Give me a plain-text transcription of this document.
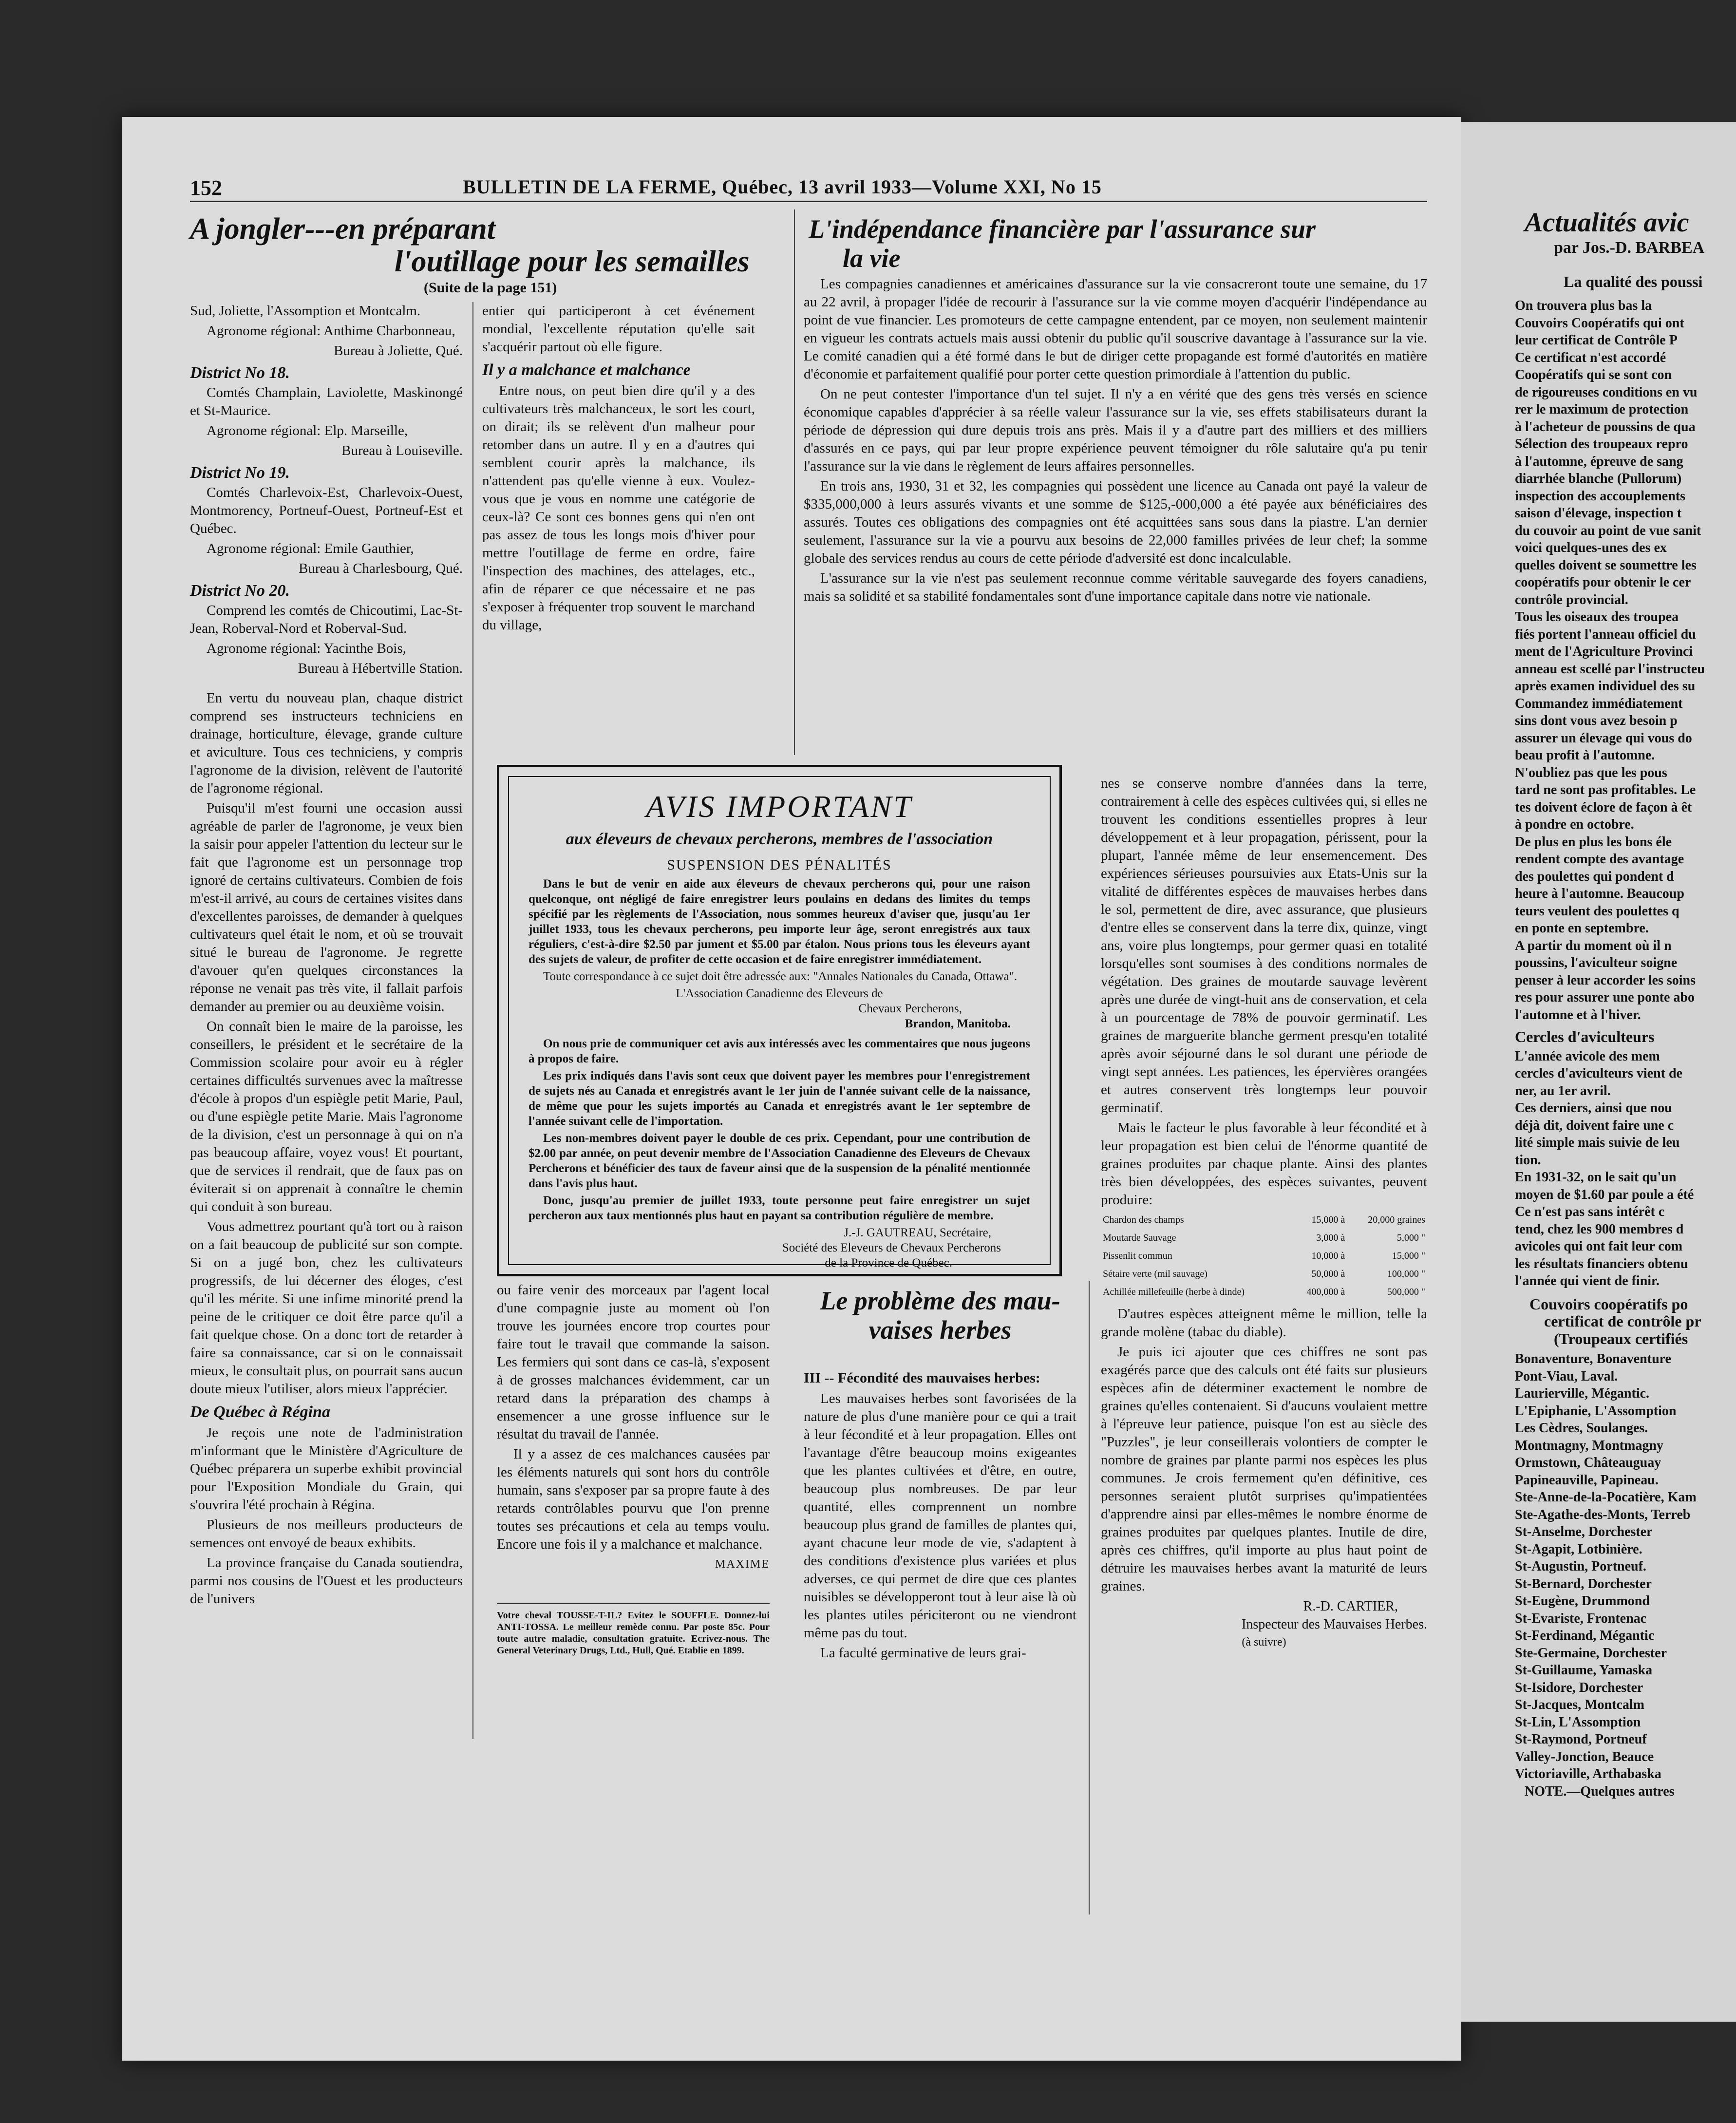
152	BULLETIN DE LA FERME, Québec, 13 avril 1933—Volume XXI, No 15
A jongler---en préparant
l'outillage pour les semailles
(Suite de la page 151)

Sud, Joliette, l'Assomption et Montcalm.

Agronome régional: Anthime Charbonneau,

Bureau à Joliette, Qué.

District No 18.

Comtés Champlain, Laviolette, Maskinongé et St-Maurice.

Agronome régional: Elp. Marseille,

Bureau à Louiseville.

District No 19.

Comtés Charlevoix-Est, Charlevoix-Ouest, Montmorency, Portneuf-Ouest, Portneuf-Est et Québec.

Agronome régional: Emile Gauthier,

Bureau à Charlesbourg, Qué.

District No 20.

Comprend les comtés de Chicoutimi, Lac-St-Jean, Roberval-Nord et Roberval-Sud.

Agronome régional: Yacinthe Bois,

Bureau à Hébertville Station.

En vertu du nouveau plan, chaque district comprend ses instructeurs techniciens en drainage, horticulture, élevage, grande culture et aviculture. Tous ces techniciens, y compris l'agronome de la division, relèvent de l'autorité de l'agronome régional.

Puisqu'il m'est fourni une occasion aussi agréable de parler de l'agronome, je veux bien la saisir pour appeler l'attention du lecteur sur le fait que l'agronome est un personnage trop ignoré de certains cultivateurs. Combien de fois m'est-il arrivé, au cours de certaines visites dans d'excellentes paroisses, de demander à quelques cultivateurs quel était le nom, et où se trouvait situé le bureau de l'agronome. Je regrette d'avouer qu'en quelques circonstances la réponse ne venait pas très vite, il fallait parfois demander au premier ou au deuxième voisin.

On connaît bien le maire de la paroisse, les conseillers, le président et le secrétaire de la Commission scolaire pour avoir eu à régler certaines difficultés survenues avec la maîtresse d'école à propos d'un espiègle petit Marie, Paul, ou d'une espiègle petite Marie. Mais l'agronome de la division, c'est un personnage à qui on n'a pas beaucoup affaire, voyez vous! Et pourtant, que de services il rendrait, que de faux pas on éviterait si on apprenait à connaître le chemin qui conduit à son bureau.

Vous admettrez pourtant qu'à tort ou à raison on a fait beaucoup de publicité sur son compte. Si on a jugé bon, chez les cultivateurs progressifs, de lui décerner des éloges, c'est qu'il les mérite. Si une infime minorité prend la peine de le critiquer ce doit être parce qu'il a fait quelque chose. On a donc tort de retarder à faire sa connaissance, car si on le connaissait mieux, le consultait plus, on pourrait sans aucun doute mieux l'utiliser, alors mieux l'apprécier.

De Québec à Régina

Je reçois une note de l'administration m'informant que le Ministère d'Agriculture de Québec préparera un superbe exhibit provincial pour l'Exposition Mondiale du Grain, qui s'ouvrira l'été prochain à Régina.

Plusieurs de nos meilleurs producteurs de semences ont envoyé de beaux exhibits.

La province française du Canada soutiendra, parmi nos cousins de l'Ouest et les producteurs de l'univers

entier qui participeront à cet événement mondial, l'excellente réputation qu'elle sait s'acquérir partout où elle figure.

Il y a malchance et malchance

Entre nous, on peut bien dire qu'il y a des cultivateurs très malchanceux, le sort les court, on dirait; ils se relèvent d'un malheur pour retomber dans un autre. Il y en a d'autres qui semblent courir après la malchance, ils n'attendent pas qu'elle vienne à eux. Voulez-vous que je vous en nomme une catégorie de ceux-là? Ce sont ces bonnes gens qui n'en ont pas assez de tous les longs mois d'hiver pour mettre l'outillage de ferme en ordre, faire l'inspection des machines, des attelages, etc., afin de réparer ce que nécessaire et ne pas s'exposer à fréquenter trop souvent le marchand du village,

ou faire venir des morceaux par l'agent local d'une compagnie juste au moment où l'on trouve les journées encore trop courtes pour faire tout le travail que commande la saison. Les fermiers qui sont dans ce cas-là, s'exposent à de grosses malchances évidemment, car un retard dans la préparation des champs à ensemencer a une grosse influence sur le résultat du travail de l'année.

Il y a assez de ces malchances causées par les éléments naturels qui sont hors du contrôle humain, sans s'exposer par sa propre faute à des retards contrôlables pourvu que l'on prenne toutes ses précautions et cela au temps voulu. Encore une fois il y a malchance et malchance.

MAXIME
Votre cheval TOUSSE-T-IL? Evitez le SOUFFLE. Donnez-lui ANTI-TOSSA. Le meilleur remède connu. Par poste 85c. Pour toute autre maladie, consultation gratuite. Ecrivez-nous. The General Veterinary Drugs, Ltd., Hull, Qué. Etablie en 1899.
L'indépendance financière par l'assurance sur
la vie

Les compagnies canadiennes et américaines d'assurance sur la vie consacreront toute une semaine, du 17 au 22 avril, à propager l'idée de recourir à l'assurance sur la vie comme moyen d'acquérir l'indépendance au point de vue financier. Les promoteurs de cette campagne entendent, par ce moyen, non seulement maintenir en vigueur les contrats actuels mais aussi obtenir du public qu'il souscrive davantage à l'assurance sur la vie. Le comité canadien qui a été formé dans le but de diriger cette propagande est formé d'autorités en matière d'économie et parfaitement qualifié pour porter cette question primordiale à l'attention du public.

On ne peut contester l'importance d'un tel sujet. Il n'y a en vérité que des gens très versés en science économique capables d'apprécier à sa réelle valeur l'assurance sur la vie, ses effets stabilisateurs durant la période de dépression qui dure depuis trois ans près. Mais il y a d'autre part des milliers et des milliers d'assurés en ce pays, qui par leur propre expérience peuvent témoigner du rôle salutaire qu'a pu tenir l'assurance sur la vie dans le règlement de leurs affaires personnelles.

En trois ans, 1930, 31 et 32, les compagnies qui possèdent une licence au Canada ont payé la valeur de $335,000,000 à leurs assurés vivants et une somme de $125,-000,000 a été payée aux bénéficiaires des assurés. Toutes ces obligations des compagnies ont été acquittées sans sous dans la piastre. L'an dernier seulement, l'assurance sur la vie a pourvu aux besoins de 22,000 familles privées de leur chef; la somme globale des services rendus au cours de cette période d'adversité est donc incalculable.

L'assurance sur la vie n'est pas seulement reconnue comme véritable sauvegarde des foyers canadiens, mais sa solidité et sa stabilité fondamentales sont d'une importance capitale dans notre vie nationale.

AVIS IMPORTANT
aux éleveurs de chevaux percherons, membres de l'association
SUSPENSION DES PÉNALITÉS

Dans le but de venir en aide aux éleveurs de chevaux percherons qui, pour une raison quelconque, ont négligé de faire enregistrer leurs poulains en dedans des limites du temps spécifié par les règlements de l'Association, nous sommes heureux d'aviser que, jusqu'au 1er juillet 1933, tous les chevaux percherons, peu importe leur âge, seront enregistrés aux taux réguliers, c'est-à-dire $2.50 par jument et $5.00 par étalon. Nous prions tous les éleveurs ayant des sujets de valeur, de profiter de cette occasion et de faire enregistrer immédiatement.

Toute correspondance à ce sujet doit être adressée aux: "Annales Nationales du Canada, Ottawa".

L'Association Canadienne des Eleveurs de
Chevaux Percherons,
Brandon, Manitoba.

On nous prie de communiquer cet avis aux intéressés avec les commentaires que nous jugeons à propos de faire.

Les prix indiqués dans l'avis sont ceux que doivent payer les membres pour l'enregistrement de sujets nés au Canada et enregistrés avant le 1er juin de l'année suivant celle de la naissance, de même que pour les sujets importés au Canada et enregistrés avant le 1er septembre de l'année suivant celle de l'importation.

Les non-membres doivent payer le double de ces prix. Cependant, pour une contribution de $2.00 par année, on peut devenir membre de l'Association Canadienne des Eleveurs de Chevaux Percherons et bénéficier des taux de faveur ainsi que de la suspension de la pénalité mentionnée dans l'avis plus haut.

Donc, jusqu'au premier de juillet 1933, toute personne peut faire enregistrer un sujet percheron aux taux mentionnés plus haut en payant sa contribution régulière de membre.

J.-J. GAUTREAU, Secrétaire,
Société des Eleveurs de Chevaux Percherons
de la Province de Québec.
Le problème des mau-
vaises herbes
III -- Fécondité des mauvaises herbes:

Les mauvaises herbes sont favorisées de la nature de plus d'une manière pour ce qui a trait à leur fécondité et à leur propagation. Elles ont l'avantage d'être beaucoup moins exigeantes que les plantes cultivées et d'être, en outre, beaucoup plus nombreuses. De par leur quantité, elles comprennent un nombre beaucoup plus grand de familles de plantes qui, ayant chacune leur mode de vie, s'adaptent à des conditions d'existence plus variées et plus adverses, ce qui permet de dire que ces plantes nuisibles se développeront tout à leur aise là où les plantes utiles périciteront ou ne viendront même pas du tout.

La faculté germinative de leurs grai-

nes se conserve nombre d'années dans la terre, contrairement à celle des espèces cultivées qui, si elles ne trouvent les conditions essentielles propres à leur développement et à leur propagation, périssent, pour la plupart, l'année même de leur ensemencement. Des expériences sérieuses poursuivies aux Etats-Unis sur la vitalité de différentes espèces de mauvaises herbes dans le sol, permettent de dire, avec assurance, que plusieurs d'entre elles se conservent dans la terre dix, quinze, vingt ans, voire plus longtemps, pour germer quasi en totalité lorsqu'elles sont soumises à des conditions normales de végétation. Des graines de moutarde sauvage levèrent après une durée de vingt-huit ans de conservation, et cela à un pourcentage de 78% de pouvoir germinatif. Les graines de marguerite blanche germent presqu'en totalité après avoir séjourné dans le sol durant une période de vingt sept années. Les patiences, les épervières orangées et autres conservent très longtemps leur pouvoir germinatif.

Mais le facteur le plus favorable à leur fécondité et à leur propagation est bien celui de l'énorme quantité de graines produites par chaque plante. Ainsi des plantes très bien développées, des espèces suivantes, peuvent produire:

Chardon des champs	15,000 à	20,000 graines
Moutarde Sauvage	3,000 à	5,000 "
Pissenlit commun	10,000 à	15,000 "
Sétaire verte (mil sauvage)	50,000 à	100,000 "
Achillée millefeuille (herbe à dinde)	400,000 à	500,000 "

D'autres espèces atteignent même le million, telle la grande molène (tabac du diable).

Je puis ici ajouter que ces chiffres ne sont pas exagérés parce que des calculs ont été faits sur plusieurs espèces afin de déterminer exactement le nombre de graines qu'elles contenaient. Si d'aucuns voulaient mettre à l'épreuve leur patience, puisque l'on est au siècle des "Puzzles", je leur conseillerais volontiers de compter le nombre de graines par plante parmi nos espèces les plus communes. Je crois fermement qu'en définitive, ces personnes seraient plutôt surprises qu'impatientées d'apprendre ainsi par elles-mêmes le nombre énorme de graines produites par quelques plantes. Inutile de dire, après ces chiffres, qu'il importe au plus haut point de détruire les mauvaises herbes avant la maturité de leurs graines.

R.-D. CARTIER,
Inspecteur des Mauvaises Herbes.
(à suivre)
Actualités avic
par Jos.-D. BARBEA
La qualité des poussi
On trouvera plus bas la
Couvoirs Coopératifs qui ont
leur certificat de Contrôle P
Ce certificat n'est accordé
Coopératifs qui se sont con
de rigoureuses conditions en vu
rer le maximum de protection
à l'acheteur de poussins de qua
Sélection des troupeaux repro
à l'automne, épreuve de sang
diarrhée blanche (Pullorum)
inspection des accouplements
saison d'élevage, inspection t
du couvoir au point de vue sanit
voici quelques-unes des ex
quelles doivent se soumettre les
coopératifs pour obtenir le cer
contrôle provincial.
Tous les oiseaux des troupea
fiés portent l'anneau officiel du
ment de l'Agriculture Provinci
anneau est scellé par l'instructeu
après examen individuel des su
Commandez immédiatement
sins dont vous avez besoin p
assurer un élevage qui vous do
beau profit à l'automne.
N'oubliez pas que les pous
tard ne sont pas profitables. Le
tes doivent éclore de façon à êt
à pondre en octobre.
De plus en plus les bons éle
rendent compte des avantage
des poulettes qui pondent d
heure à l'automne. Beaucoup
teurs veulent des poulettes q
en ponte en septembre.
A partir du moment où il n
poussins, l'aviculteur soigne
penser à leur accorder les soins
res pour assurer une ponte abo
l'automne et à l'hiver.
Cercles d'aviculteurs
L'année avicole des mem
cercles d'aviculteurs vient de
ner, au 1er avril.
Ces derniers, ainsi que nou
déjà dit, doivent faire une c
lité simple mais suivie de leu
tion.
En 1931-32, on le sait qu'un
moyen de $1.60 par poule a été
Ce n'est pas sans intérêt c
tend, chez les 900 membres d
avicoles qui ont fait leur com
les résultats financiers obtenu
l'année qui vient de finir.
Couvoirs coopératifs po
certificat de contrôle pr
(Troupeaux certifiés
Bonaventure, Bonaventure
Pont-Viau, Laval.
Laurierville, Mégantic.
L'Epiphanie, L'Assomption
Les Cèdres, Soulanges.
Montmagny, Montmagny
Ormstown, Châteauguay
Papineauville, Papineau.
Ste-Anne-de-la-Pocatière, Kam
Ste-Agathe-des-Monts, Terreb
St-Anselme, Dorchester
St-Agapit, Lotbinière.
St-Augustin, Portneuf.
St-Bernard, Dorchester
St-Eugène, Drummond
St-Evariste, Frontenac
St-Ferdinand, Mégantic
Ste-Germaine, Dorchester
St-Guillaume, Yamaska
St-Isidore, Dorchester
St-Jacques, Montcalm
St-Lin, L'Assomption
St-Raymond, Portneuf
Valley-Jonction, Beauce
Victoriaville, Arthabaska
NOTE.—Quelques autres
